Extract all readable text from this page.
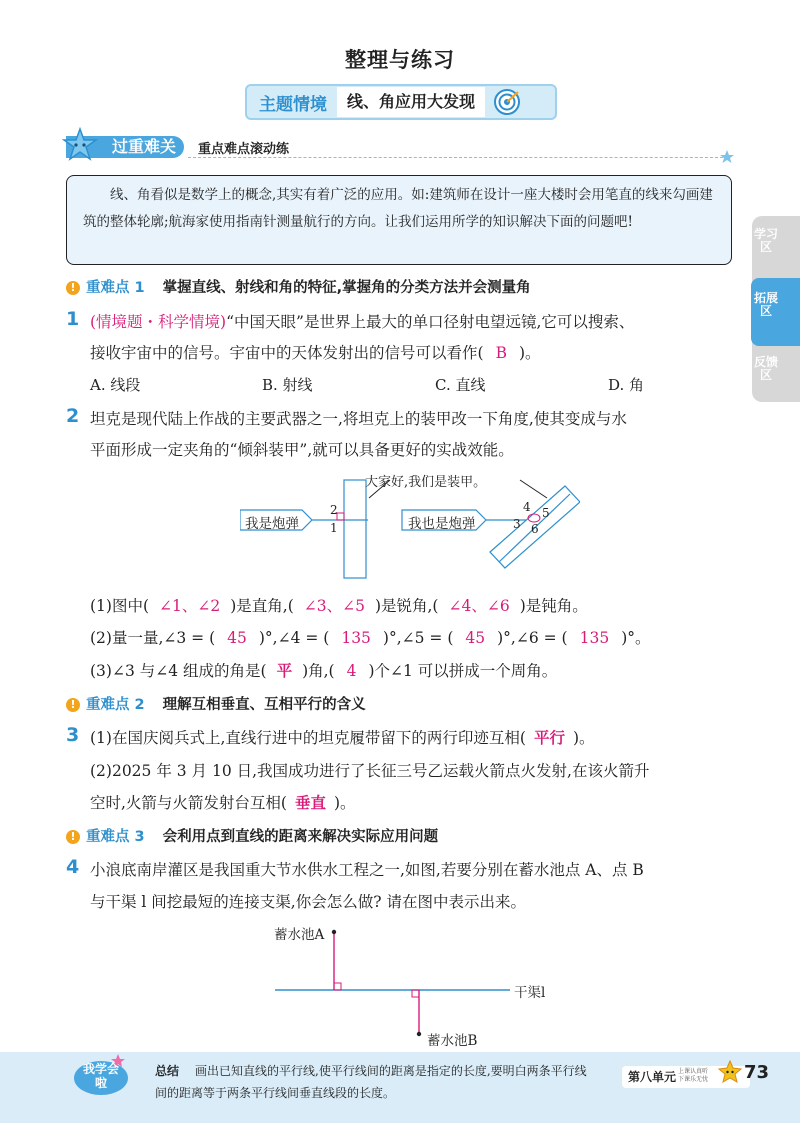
整理与练习
主题情境	线、角应用大发现
过重难关	重点难点滚动练
线、角看似是数学上的概念,其实有着广泛的应用。如:建筑师在设计一座大楼时会用笔直的线来勾画建筑的整体轮廓;航海家使用指南针测量航行的方向。让我们运用所学的知识解决下面的问题吧!
学习区
拓展区
反馈区
! 重难点 1 掌握直线、射线和角的特征,掌握角的分类方法并会测量角
1 (情境题・科学情境)“中国天眼”是世界上最大的单口径射电望远镜,它可以搜索、
接收宇宙中的信号。宇宙中的天体发射出的信号可以看作( B )。
A. 线段	B. 射线	C. 直线	D. 角
2 坦克是现代陆上作战的主要武器之一,将坦克上的装甲改一下角度,使其变成与水
平面形成一定夹角的“倾斜装甲”,就可以具备更好的实战效能。
大家好,我们是装甲。
我是炮弹	我也是炮弹
2
1
4 5
3 6
(1)图中( ∠1、∠2 )是直角,( ∠3、∠5 )是锐角,( ∠4、∠6 )是钝角。
(2)量一量,∠3 = ( 45 )°,∠4 = ( 135 )°,∠5 = ( 45 )°,∠6 = ( 135 )°。
(3)∠3 与∠4 组成的角是( 平 )角,( 4 )个∠1 可以拼成一个周角。
! 重难点 2 理解互相垂直、互相平行的含义
3 (1)在国庆阅兵式上,直线行进中的坦克履带留下的两行印迹互相( 平行 )。
(2)2025 年 3 月 10 日,我国成功进行了长征三号乙运载火箭点火发射,在该火箭升
空时,火箭与火箭发射台互相( 垂直 )。
! 重难点 3 会利用点到直线的距离来解决实际应用问题
4 小浪底南岸灌区是我国重大节水供水工程之一,如图,若要分别在蓄水池点 A、点 B
与干渠 l 间挖最短的连接支渠,你会怎么做? 请在图中表示出来。
蓄水池A
干渠l
蓄水池B
我学会啦
总结 画出已知直线的平行线,使平行线间的距离是指定的长度,要明白两条平行线间的距离等于两条平行线间垂直线段的长度。
第八单元 上课认真听
下课乐无忧 73
